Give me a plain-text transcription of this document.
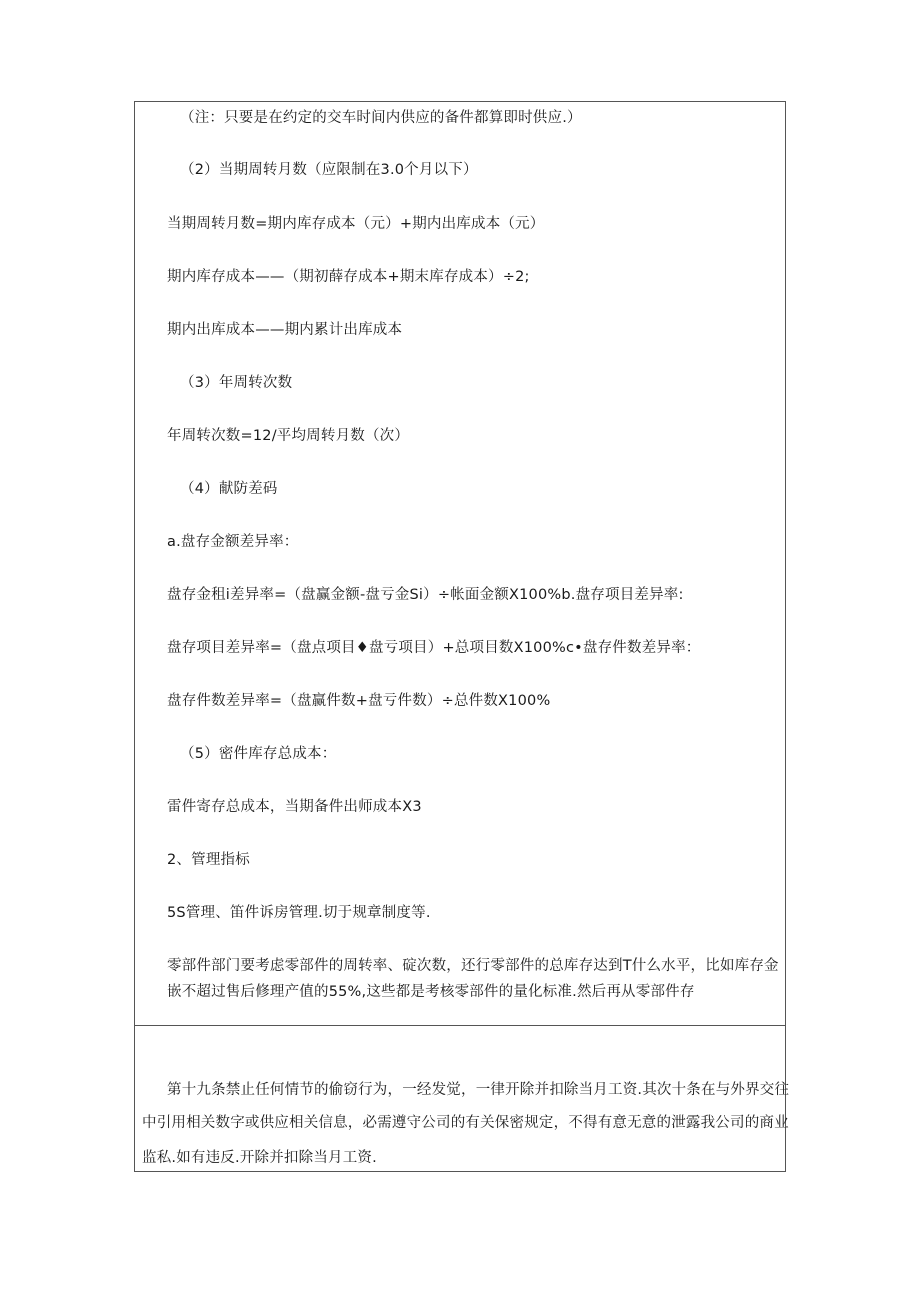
（注：只要是在约定的交车时间内供应的备件都算即时供应.）
（2）当期周转月数（应限制在3.0个月以下）
当期周转月数=期内库存成本（元）+期内出库成本（元）
期内库存成本——（期初薛存成本+期末库存成本）÷2;
期内出库成本——期内累计出库成本
（3）年周转次数
年周转次数=12/平均周转月数（次）
（4）献防差码
a.盘存金额差异率：
盘存金租i差异率=（盘赢金额-盘亏金Si）÷帐面金额X100%b.盘存项目差异率:
盘存项目差异率=（盘点项目♦盘亏项目）+总项目数X100%c•盘存件数差异率：
盘存件数差异率=（盘赢件数+盘亏件数）÷总件数X100%
（5）密件库存总成本：
雷件寄存总成本，当期备件出师成本X3
2、管理指标
5S管理、笛件诉房管理.切于规章制度等.
零部件部门要考虑零部件的周转率、碇次数，还行零部件的总库存达到T什么水平，比如库存金
嵌不超过售后修理产值的55%,这些都是考核零部件的量化标准.然后再从零部件存
第十九条禁止任何情节的偷窃行为，一经发觉，一律开除并扣除当月工资.其次十条在与外界交往
中引用相关数字或供应相关信息，必需遵守公司的有关保密规定，不得有意无意的泄露我公司的商业
监私.如有违反.开除并扣除当月工资.
